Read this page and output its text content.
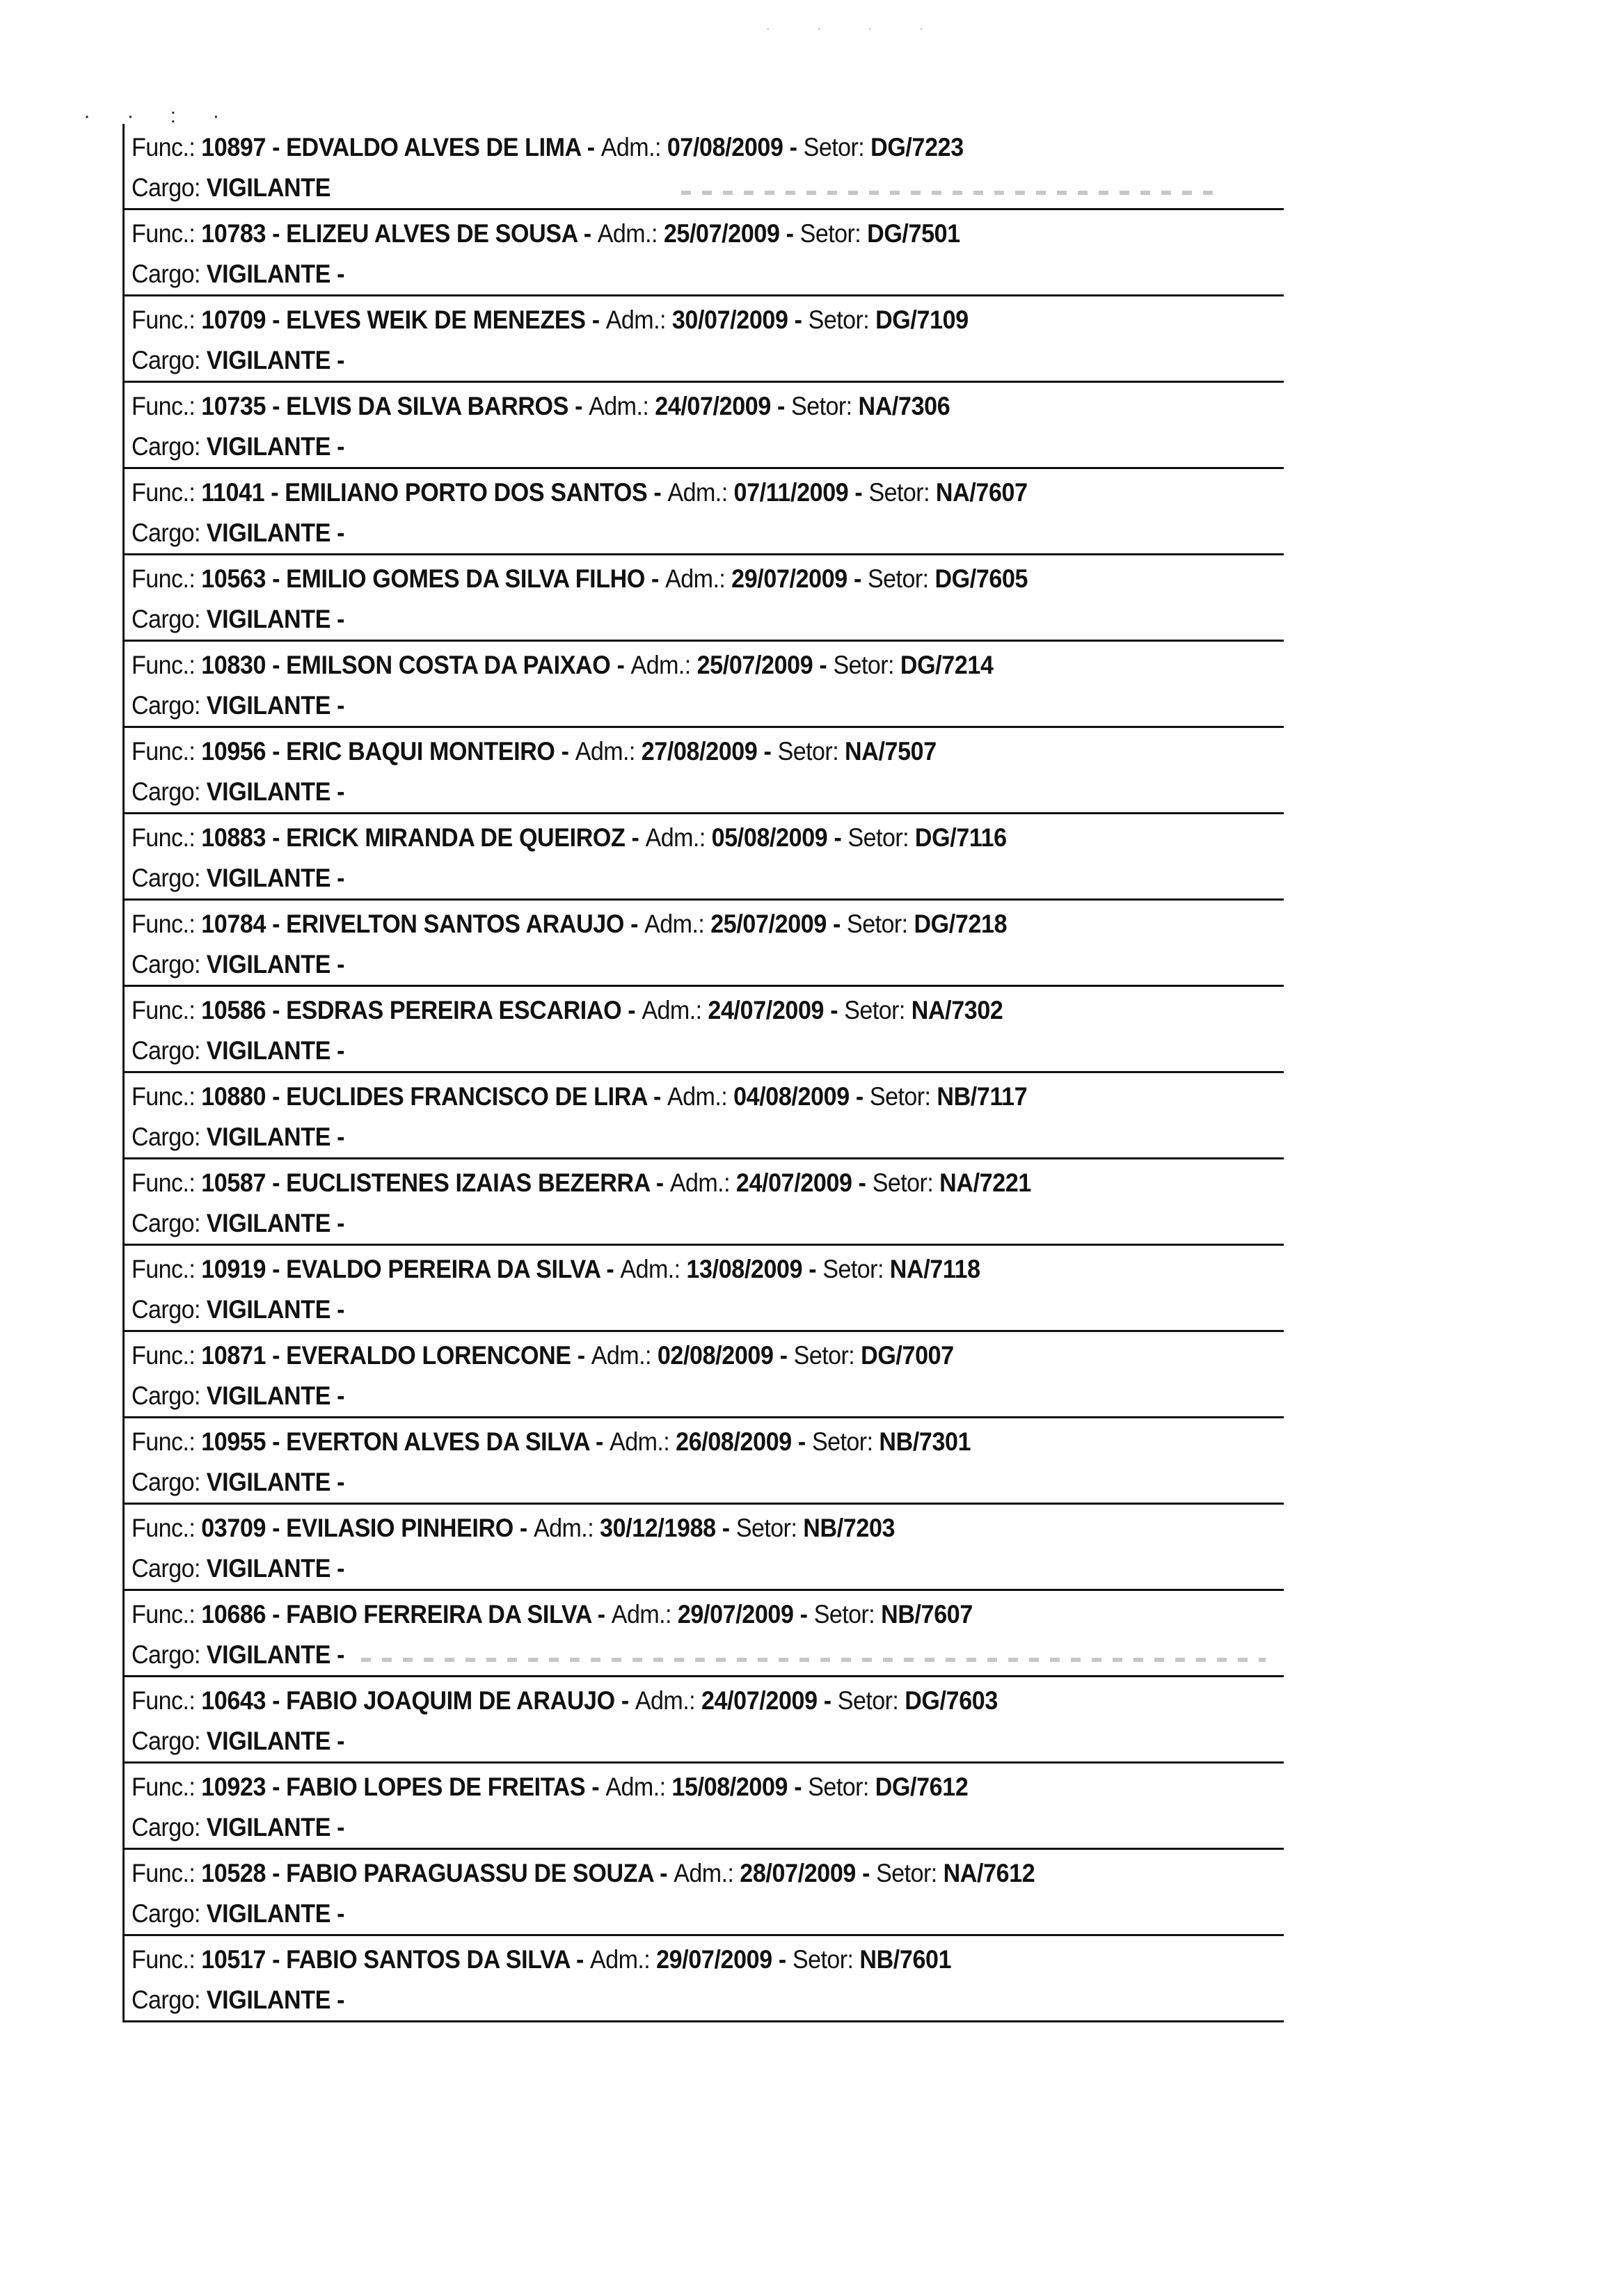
· · · ·
· · : ·
Func.: 10897 - EDVALDO ALVES DE LIMA - Adm.: 07/08/2009 - Setor: DG/7223
Cargo: VIGILANTE
Func.: 10783 - ELIZEU ALVES DE SOUSA - Adm.: 25/07/2009 - Setor: DG/7501
Cargo: VIGILANTE -
Func.: 10709 - ELVES WEIK DE MENEZES - Adm.: 30/07/2009 - Setor: DG/7109
Cargo: VIGILANTE -
Func.: 10735 - ELVIS DA SILVA BARROS - Adm.: 24/07/2009 - Setor: NA/7306
Cargo: VIGILANTE -
Func.: 11041 - EMILIANO PORTO DOS SANTOS - Adm.: 07/11/2009 - Setor: NA/7607
Cargo: VIGILANTE -
Func.: 10563 - EMILIO GOMES DA SILVA FILHO - Adm.: 29/07/2009 - Setor: DG/7605
Cargo: VIGILANTE -
Func.: 10830 - EMILSON COSTA DA PAIXAO - Adm.: 25/07/2009 - Setor: DG/7214
Cargo: VIGILANTE -
Func.: 10956 - ERIC BAQUI MONTEIRO - Adm.: 27/08/2009 - Setor: NA/7507
Cargo: VIGILANTE -
Func.: 10883 - ERICK MIRANDA DE QUEIROZ - Adm.: 05/08/2009 - Setor: DG/7116
Cargo: VIGILANTE -
Func.: 10784 - ERIVELTON SANTOS ARAUJO - Adm.: 25/07/2009 - Setor: DG/7218
Cargo: VIGILANTE -
Func.: 10586 - ESDRAS PEREIRA ESCARIAO - Adm.: 24/07/2009 - Setor: NA/7302
Cargo: VIGILANTE -
Func.: 10880 - EUCLIDES FRANCISCO DE LIRA - Adm.: 04/08/2009 - Setor: NB/7117
Cargo: VIGILANTE -
Func.: 10587 - EUCLISTENES IZAIAS BEZERRA - Adm.: 24/07/2009 - Setor: NA/7221
Cargo: VIGILANTE -
Func.: 10919 - EVALDO PEREIRA DA SILVA - Adm.: 13/08/2009 - Setor: NA/7118
Cargo: VIGILANTE -
Func.: 10871 - EVERALDO LORENCONE - Adm.: 02/08/2009 - Setor: DG/7007
Cargo: VIGILANTE -
Func.: 10955 - EVERTON ALVES DA SILVA - Adm.: 26/08/2009 - Setor: NB/7301
Cargo: VIGILANTE -
Func.: 03709 - EVILASIO PINHEIRO - Adm.: 30/12/1988 - Setor: NB/7203
Cargo: VIGILANTE -
Func.: 10686 - FABIO FERREIRA DA SILVA - Adm.: 29/07/2009 - Setor: NB/7607
Cargo: VIGILANTE -
Func.: 10643 - FABIO JOAQUIM DE ARAUJO - Adm.: 24/07/2009 - Setor: DG/7603
Cargo: VIGILANTE -
Func.: 10923 - FABIO LOPES DE FREITAS - Adm.: 15/08/2009 - Setor: DG/7612
Cargo: VIGILANTE -
Func.: 10528 - FABIO PARAGUASSU DE SOUZA - Adm.: 28/07/2009 - Setor: NA/7612
Cargo: VIGILANTE -
Func.: 10517 - FABIO SANTOS DA SILVA - Adm.: 29/07/2009 - Setor: NB/7601
Cargo: VIGILANTE -
